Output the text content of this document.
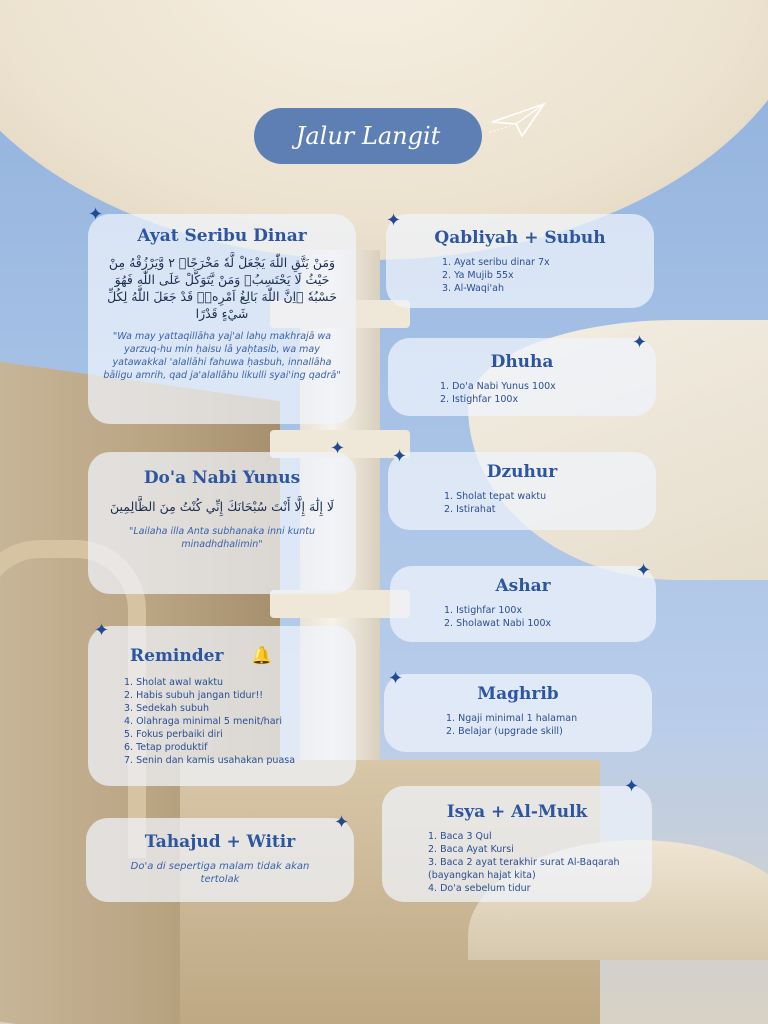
Jalur Langit
Ayat Seribu Dinar
وَمَنْ يَتَّقِ اللّٰهَ يَجْعَلْ لَّهٗ مَخْرَجًاۙ ٢ وَّيَرْزُقْهُ مِنْ حَيْثُ لَا يَحْتَسِبُۗ وَمَنْ يَّتَوَكَّلْ عَلَى اللّٰهِ فَهُوَ حَسْبُهٗ ۗاِنَّ اللّٰهَ بَالِغُ اَمْرِهٖۗ قَدْ جَعَلَ اللّٰهُ لِكُلِّ شَيْءٍ قَدْرًا
"Wa may yattaqillāha yaj'al lahụ makhrajā wa yarzuq-hu min ḥaisu lā yaḥtasib, wa may yatawakkal 'alallāhi fahuwa ḥasbuh, innallāha bāligu amrih, qad ja'alallāhu likulli syai'ing qadrā"
Do'a Nabi Yunus
لَا إِلَٰهَ إِلَّا أَنْتَ سُبْحَانَكَ إِنِّي كُنْتُ مِنَ الظَّالِمِينَ
"Lailaha illa Anta subhanaka inni kuntu minadhdhalimin"
Reminder 🔔
1. Sholat awal waktu
2. Habis subuh jangan tidur!!
3. Sedekah subuh
4. Olahraga minimal 5 menit/hari
5. Fokus perbaiki diri
6. Tetap produktif
7. Senin dan kamis usahakan puasa
Tahajud + Witir
Do'a di sepertiga malam tidak akan tertolak
Qabliyah + Subuh
1. Ayat seribu dinar 7x
2. Ya Mujib 55x
3. Al-Waqi'ah
Dhuha
1. Do'a Nabi Yunus 100x
2. Istighfar 100x
Dzuhur
1. Sholat tepat waktu
2. Istirahat
Ashar
1. Istighfar 100x
2. Sholawat Nabi 100x
Maghrib
1. Ngaji minimal 1 halaman
2. Belajar (upgrade skill)
Isya + Al-Mulk
1. Baca 3 Qul
2. Baca Ayat Kursi
3. Baca 2 ayat terakhir surat Al-Baqarah (bayangkan hajat kita)
4. Do'a sebelum tidur
✦	✦
✦
✦	✦
✦
✦
✦
✦
✦
